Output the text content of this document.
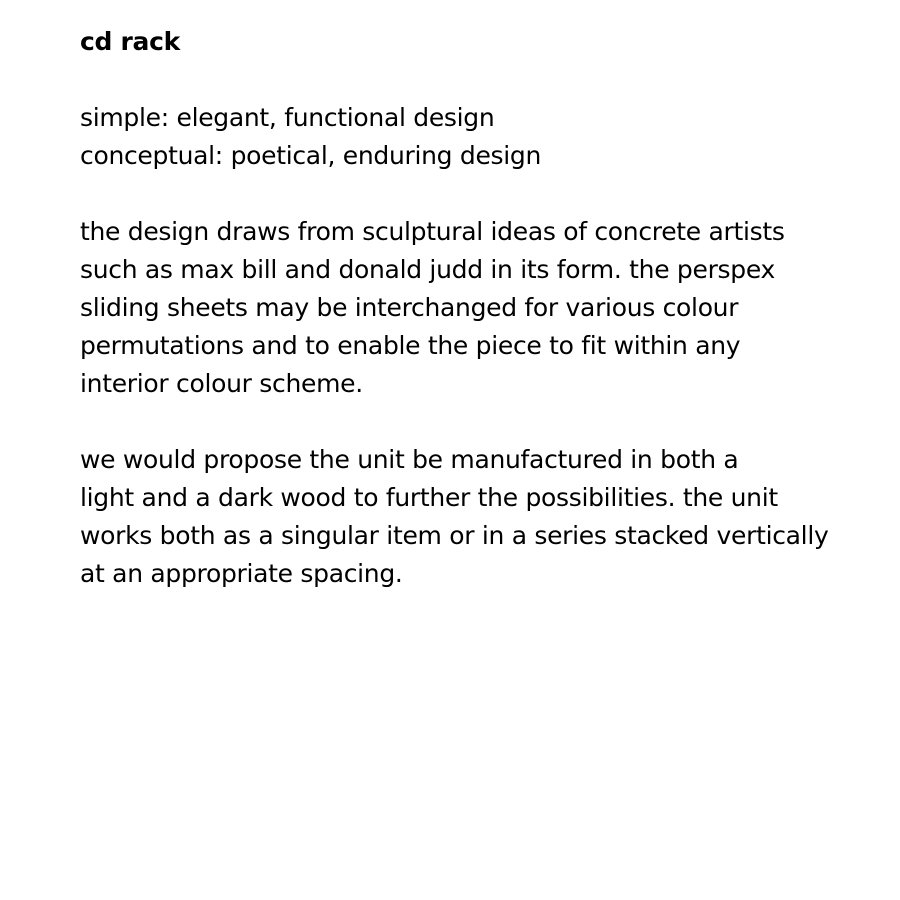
cd rack
simple: elegant, functional design
conceptual: poetical, enduring design
the design draws from sculptural ideas of concrete artists
such as max bill and donald judd in its form. the perspex
sliding sheets may be interchanged for various colour
permutations and to enable the piece to fit within any
interior colour scheme.
we would propose the unit be manufactured in both a
light and a dark wood to further the possibilities. the unit
works both as a singular item or in a series stacked vertically
at an appropriate spacing.
